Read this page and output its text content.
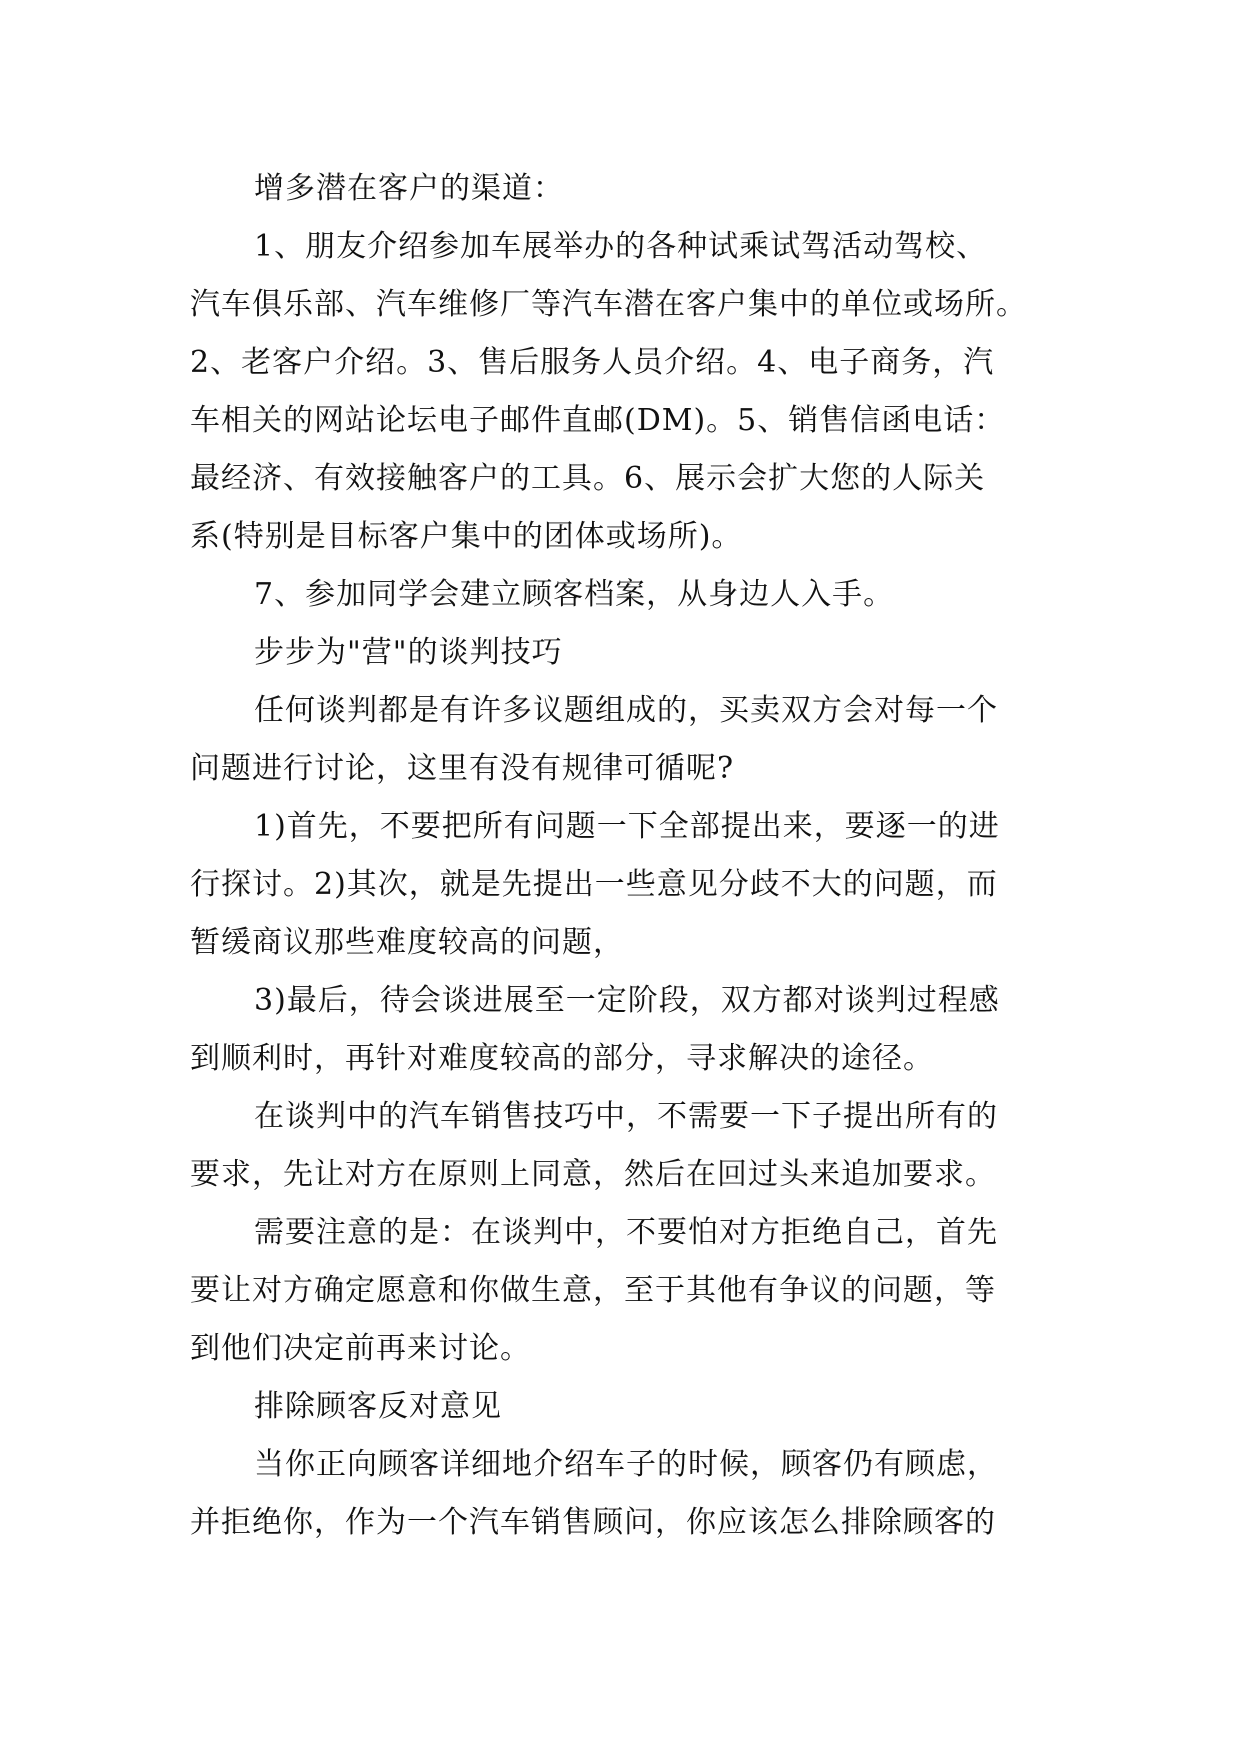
增多潜在客户的渠道：
1、朋友介绍参加车展举办的各种试乘试驾活动驾校、
汽车俱乐部、汽车维修厂等汽车潜在客户集中的单位或场所。
2、老客户介绍。3、售后服务人员介绍。4、电子商务，汽
车相关的网站论坛电子邮件直邮(DM)。5、销售信函电话：
最经济、有效接触客户的工具。6、展示会扩大您的人际关
系(特别是目标客户集中的团体或场所)。
7、参加同学会建立顾客档案，从身边人入手。
步步为"营"的谈判技巧
任何谈判都是有许多议题组成的，买卖双方会对每一个
问题进行讨论，这里有没有规律可循呢?
1)首先，不要把所有问题一下全部提出来，要逐一的进
行探讨。2)其次，就是先提出一些意见分歧不大的问题，而
暂缓商议那些难度较高的问题，
3)最后，待会谈进展至一定阶段，双方都对谈判过程感
到顺利时，再针对难度较高的部分，寻求解决的途径。
在谈判中的汽车销售技巧中，不需要一下子提出所有的
要求，先让对方在原则上同意，然后在回过头来追加要求。
需要注意的是：在谈判中，不要怕对方拒绝自己，首先
要让对方确定愿意和你做生意，至于其他有争议的问题，等
到他们决定前再来讨论。
排除顾客反对意见
当你正向顾客详细地介绍车子的时候，顾客仍有顾虑，
并拒绝你，作为一个汽车销售顾问，你应该怎么排除顾客的
